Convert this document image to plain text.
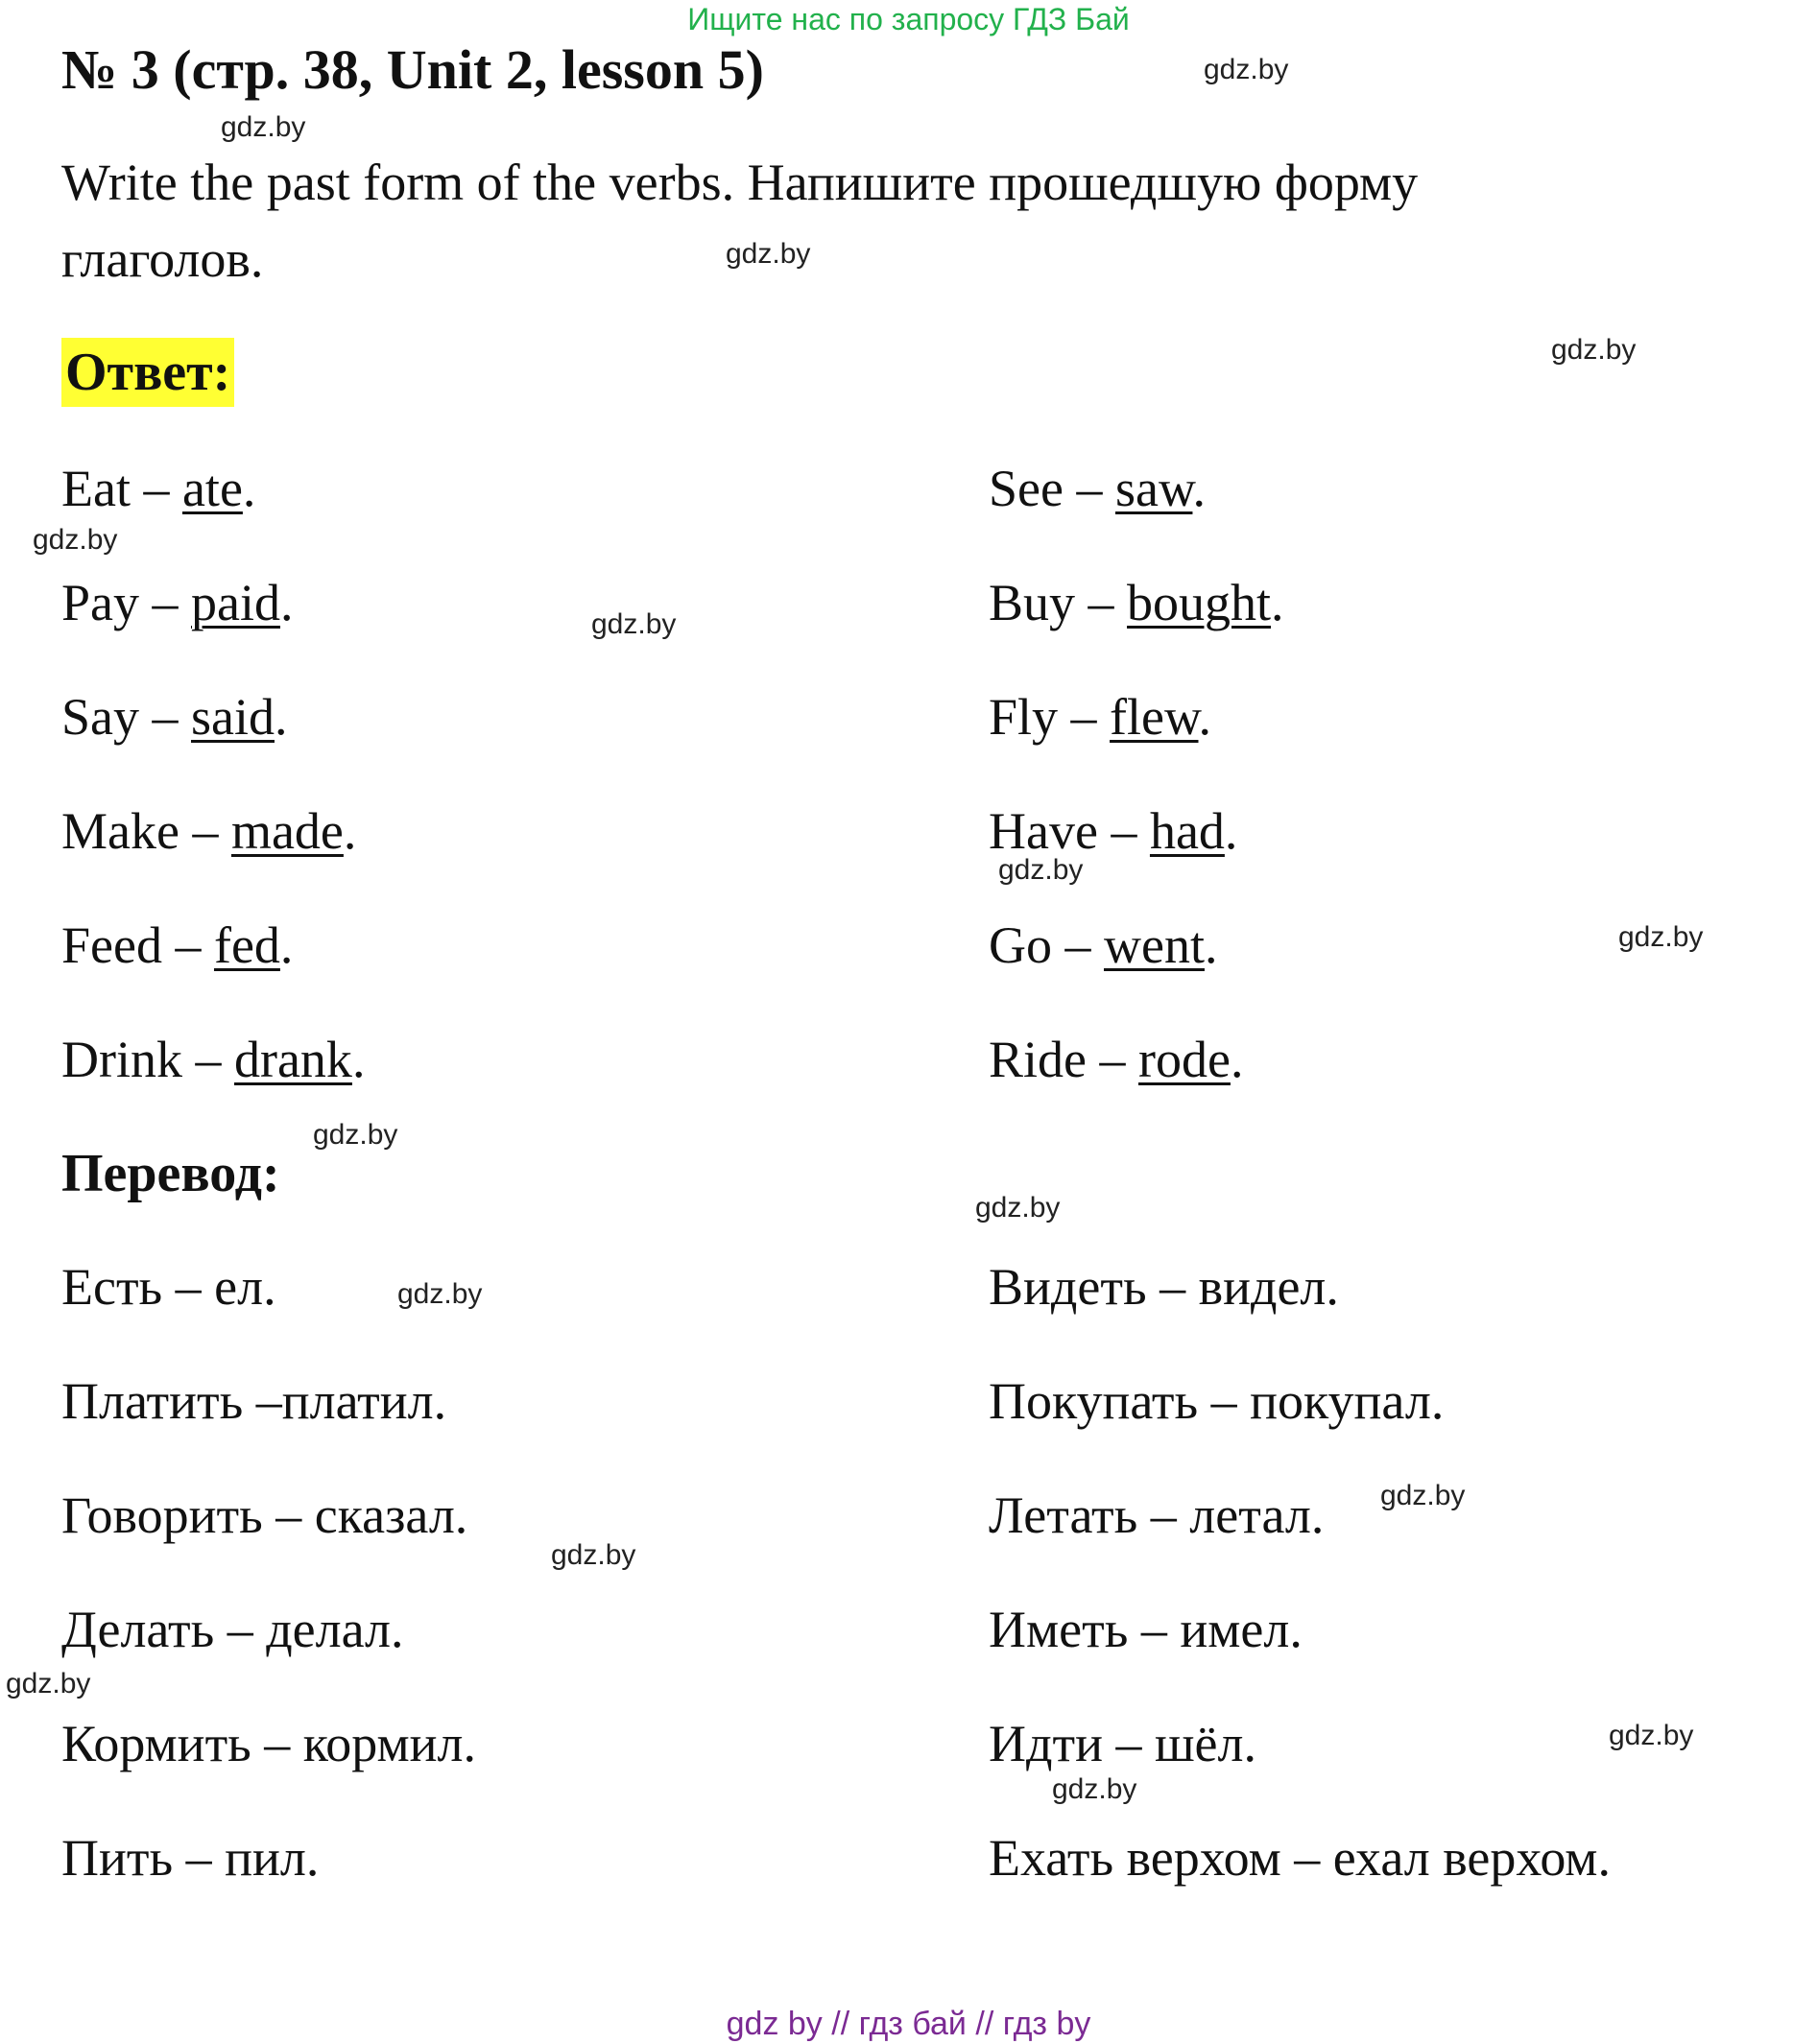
Ищите нас по запросу ГДЗ Бай
№ 3 (стр. 38, Unit 2, lesson 5)
Write the past form of the verbs. Напишите прошедшую форму глаголов.
Ответ:
Eat – ate.
Pay – paid.
Say – said.
Make – made.
Feed – fed.
Drink – drank.
See – saw.
Buy – bought.
Fly – flew.
Have – had.
Go – went.
Ride – rode.
Перевод:
Есть – ел.
Платить –платил.
Говорить – сказал.
Делать – делал.
Кормить – кормил.
Пить – пил.
Видеть – видел.
Покупать – покупал.
Летать – летал.
Иметь – имел.
Идти – шёл.
Ехать верхом – ехал верхом.
gdz.by
gdz.by
gdz.by
gdz.by
gdz.by
gdz.by
gdz.by
gdz.by
gdz.by
gdz.by
gdz.by
gdz.by
gdz.by
gdz.by
gdz.by
gdz.by
gdz by // гдз бай // гдз by
